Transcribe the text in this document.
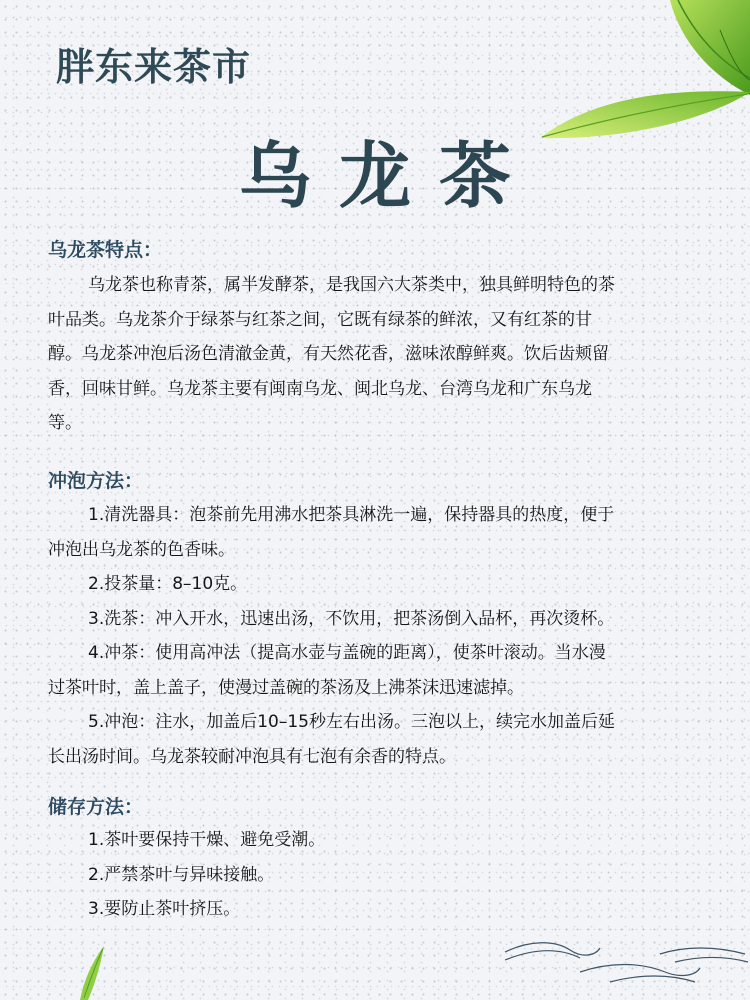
胖东来茶市
乌龙茶
乌龙茶特点：
乌龙茶也称青茶，属半发酵茶，是我国六大茶类中，独具鲜明特色的茶
叶品类。乌龙茶介于绿茶与红茶之间，它既有绿茶的鲜浓，又有红茶的甘
醇。乌龙茶冲泡后汤色清澈金黄，有天然花香，滋味浓醇鲜爽。饮后齿颊留
香，回味甘鲜。乌龙茶主要有闽南乌龙、闽北乌龙、台湾乌龙和广东乌龙
等。
冲泡方法：
1.清洗器具：泡茶前先用沸水把茶具淋洗一遍，保持器具的热度，便于
冲泡出乌龙茶的色香味。
2.投茶量：8–10克。
3.洗茶：冲入开水，迅速出汤，不饮用，把茶汤倒入品杯，再次烫杯。
4.冲茶：使用高冲法（提高水壶与盖碗的距离），使茶叶滚动。当水漫
过茶叶时，盖上盖子，使漫过盖碗的茶汤及上沸茶沫迅速滤掉。
5.冲泡：注水，加盖后10–15秒左右出汤。三泡以上，续完水加盖后延
长出汤时间。乌龙茶较耐冲泡具有七泡有余香的特点。
储存方法：
1.茶叶要保持干燥、避免受潮。
2.严禁茶叶与异味接触。
3.要防止茶叶挤压。
